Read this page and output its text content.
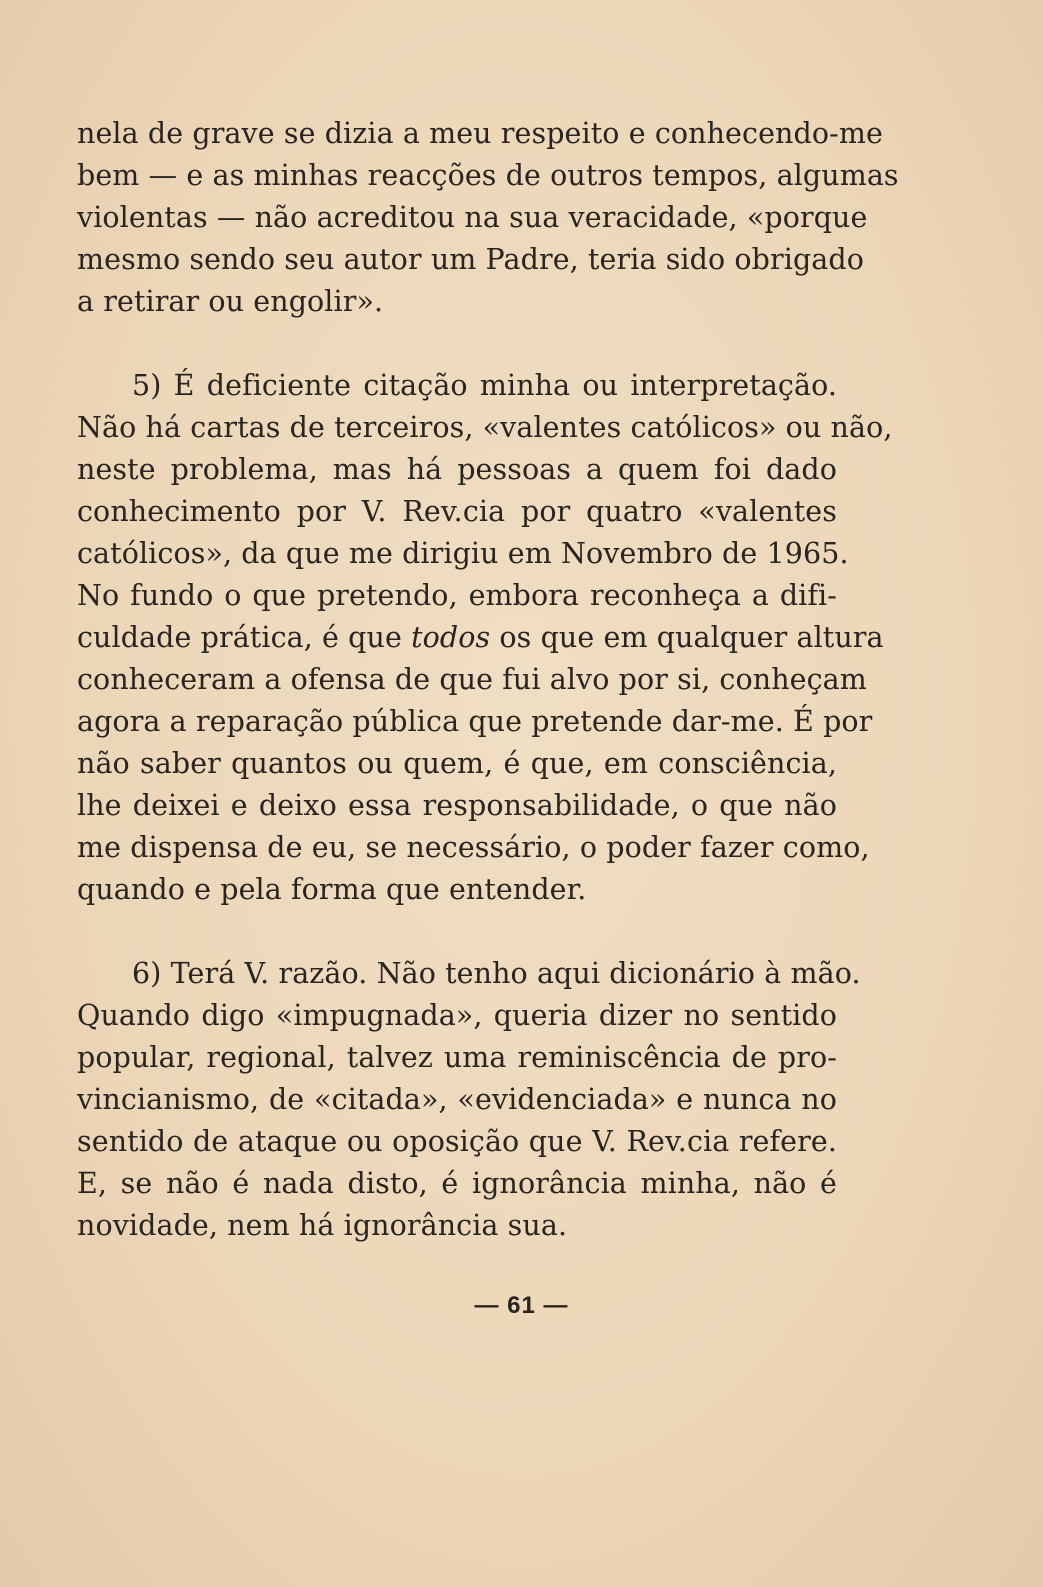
nela de grave se dizia a meu respeito e conhecendo-me
bem — e as minhas reacções de outros tempos, algumas
violentas — não acreditou na sua veracidade, «porque
mesmo sendo seu autor um Padre, teria sido obrigado
a retirar ou engolir».
5) É deficiente citação minha ou interpretação.
Não há cartas de terceiros, «valentes católicos» ou não,
neste problema, mas há pessoas a quem foi dado
conhecimento por V. Rev.cia por quatro «valentes
católicos», da que me dirigiu em Novembro de 1965.
No fundo o que pretendo, embora reconheça a difi-
culdade prática, é que todos os que em qualquer altura
conheceram a ofensa de que fui alvo por si, conheçam
agora a reparação pública que pretende dar-me. É por
não saber quantos ou quem, é que, em consciência,
lhe deixei e deixo essa responsabilidade, o que não
me dispensa de eu, se necessário, o poder fazer como,
quando e pela forma que entender.
6) Terá V. razão. Não tenho aqui dicionário à mão.
Quando digo «impugnada», queria dizer no sentido
popular, regional, talvez uma reminiscência de pro-
vincianismo, de «citada», «evidenciada» e nunca no
sentido de ataque ou oposição que V. Rev.cia refere.
E, se não é nada disto, é ignorância minha, não é
novidade, nem há ignorância sua.
— 61 —
